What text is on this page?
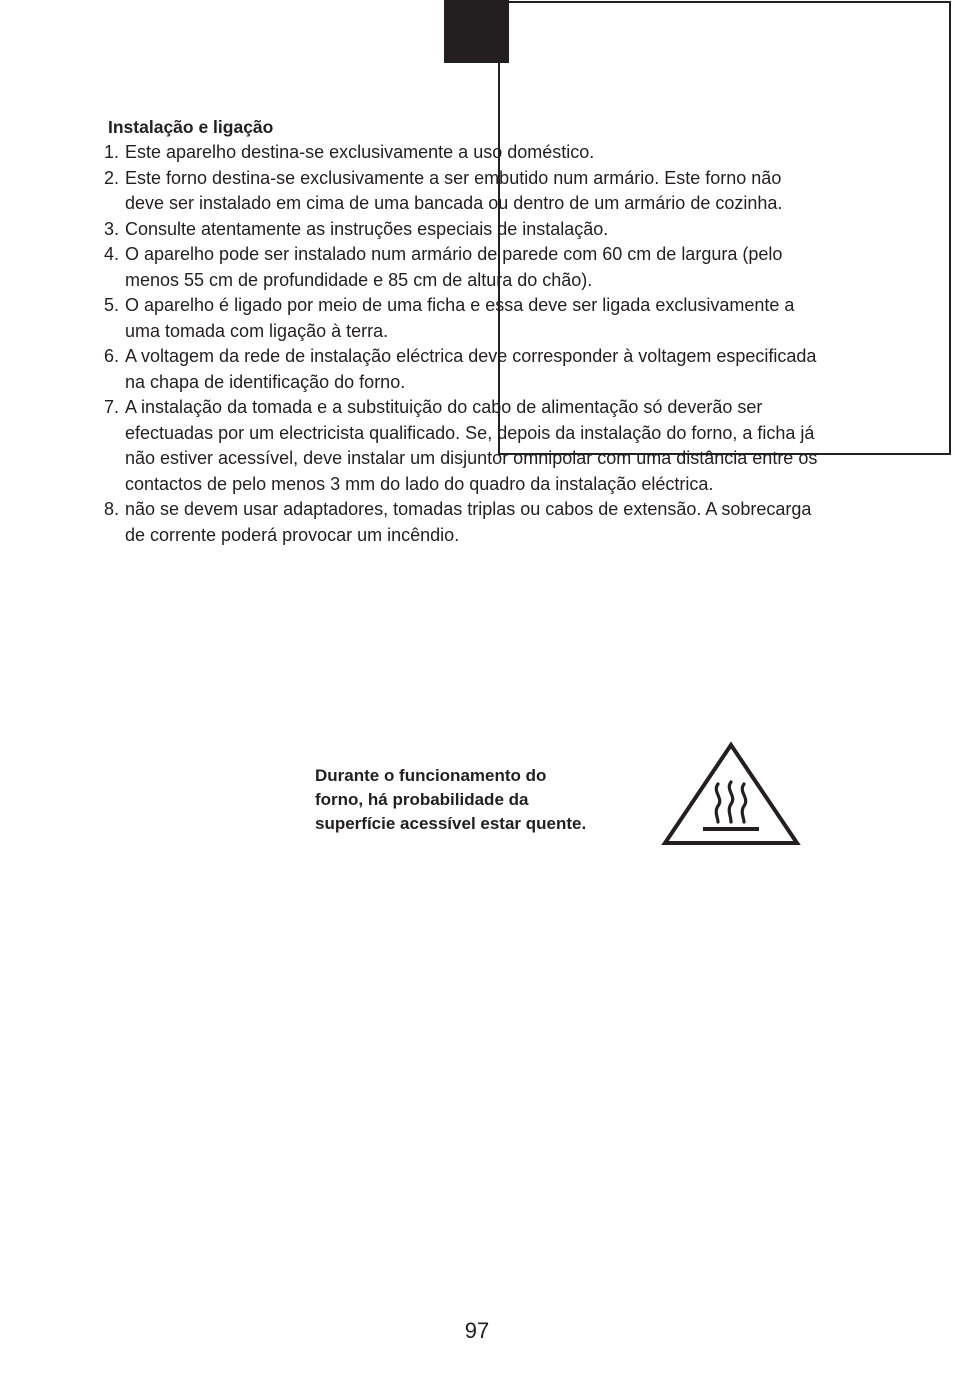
Instalação e ligação
1. Este aparelho destina-se exclusivamente a uso doméstico.
2. Este forno destina-se exclusivamente a ser embutido num armário. Este forno não deve ser instalado em cima de uma bancada ou dentro de um armário de cozinha.
3. Consulte atentamente as instruções especiais de instalação.
4. O aparelho pode ser instalado num armário de parede com 60 cm de largura (pelo menos 55 cm de profundidade e 85 cm de altura do chão).
5. O aparelho é ligado por meio de uma ficha e essa deve ser ligada exclusivamente a uma tomada com ligação à terra.
6. A voltagem da rede de instalação eléctrica deve corresponder à voltagem especificada na chapa de identificação do forno.
7. A instalação da tomada e a substituição do cabo de alimentação só deverão ser efectuadas por um electricista qualificado. Se, depois da instalação do forno, a ficha já não estiver acessível, deve instalar um disjuntor omnipolar com uma distância entre os contactos de pelo menos 3 mm do lado do quadro da instalação eléctrica.
8. não se devem usar adaptadores, tomadas triplas ou cabos de extensão. A sobrecarga de corrente poderá provocar um incêndio.
Durante o funcionamento do
forno, há probabilidade da
superfície acessível estar quente.
97
